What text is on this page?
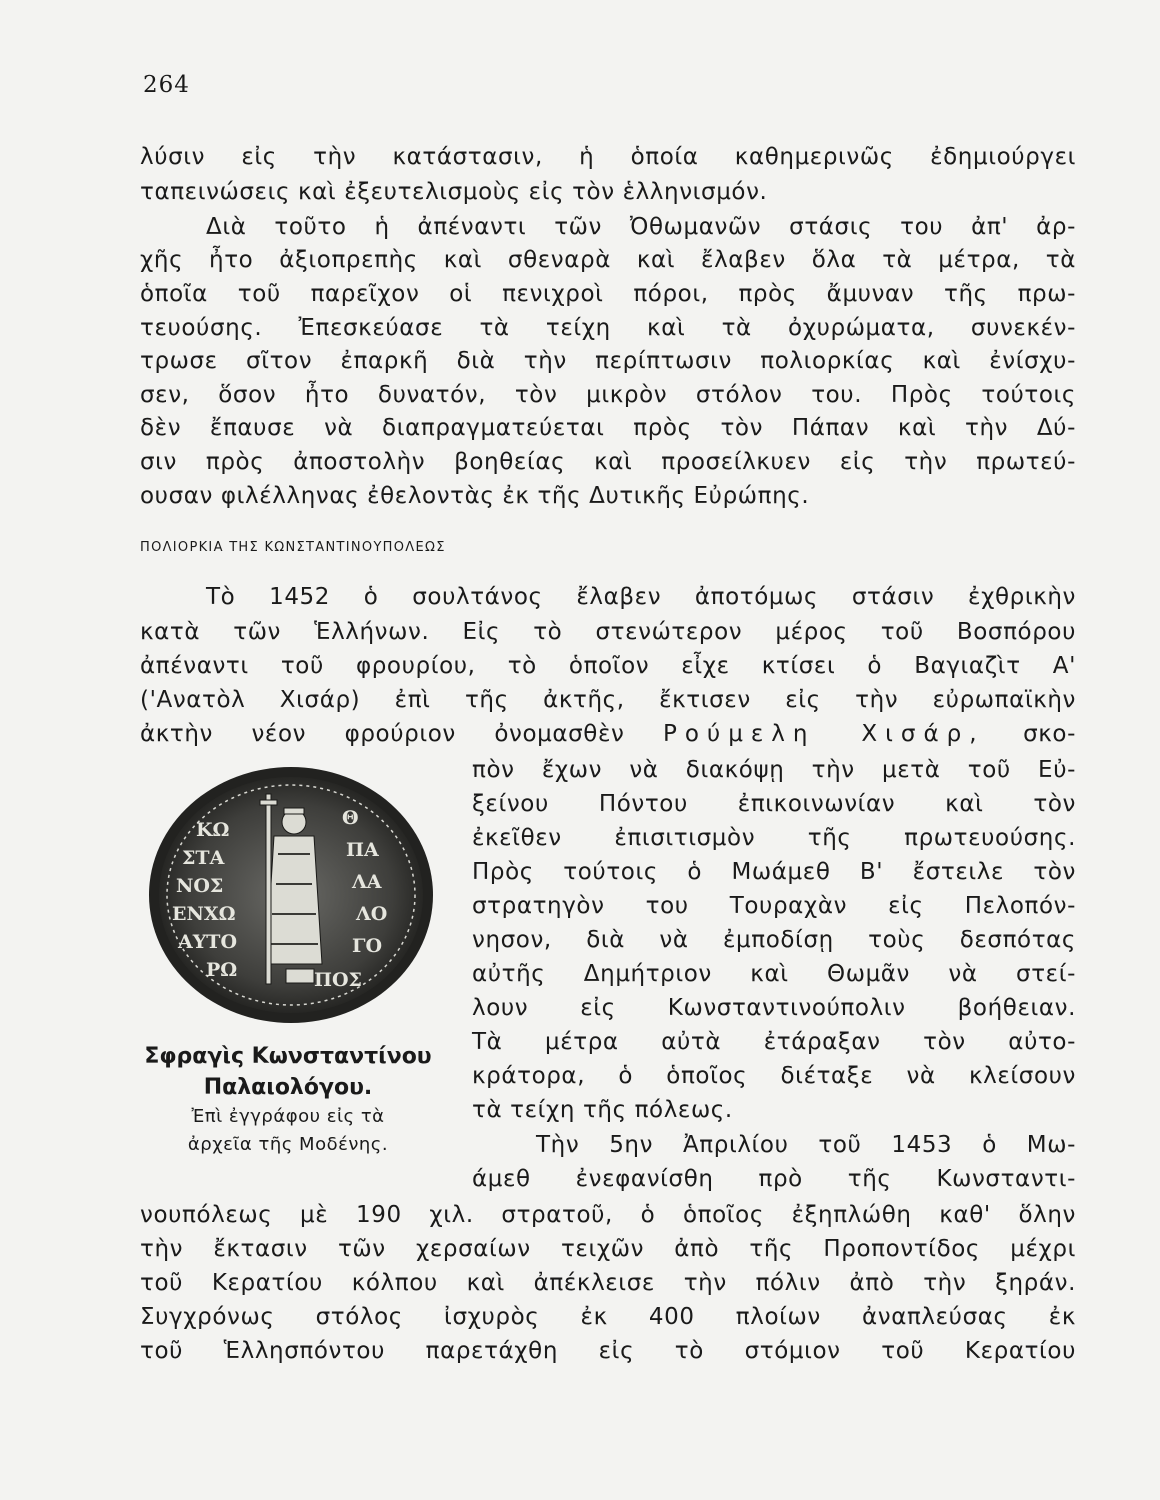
264
λύσιν εἰς τὴν κατάστασιν, ἡ ὁποία καθημερινῶς ἐδημιούργει
ταπεινώσεις καὶ ἐξευτελισμοὺς εἰς τὸν ἑλληνισμόν.
Διὰ τοῦτο ἡ ἀπέναντι τῶν Ὀθωμανῶν στάσις του ἀπ' ἀρ-
χῆς ἦτο ἀξιοπρεπὴς καὶ σθεναρὰ καὶ ἔλαβεν ὅλα τὰ μέτρα, τὰ
ὁποῖα τοῦ παρεῖχον οἱ πενιχροὶ πόροι, πρὸς ἄμυναν τῆς πρω-
τευούσης. Ἐπεσκεύασε τὰ τείχη καὶ τὰ ὀχυρώματα, συνεκέν-
τρωσε σῖτον ἐπαρκῆ διὰ τὴν περίπτωσιν πολιορκίας καὶ ἐνίσχυ-
σεν, ὅσον ἦτο δυνατόν, τὸν μικρὸν στόλον του. Πρὸς τούτοις
δὲν ἔπαυσε νὰ διαπραγματεύεται πρὸς τὸν Πάπαν καὶ τὴν Δύ-
σιν πρὸς ἀποστολὴν βοηθείας καὶ προσείλκυεν εἰς τὴν πρωτεύ-
ουσαν φιλέλληνας ἐθελοντὰς ἐκ τῆς Δυτικῆς Εὐρώπης.
ΠΟΛΙΟΡΚΙΑ ΤΗΣ ΚΩΝΣΤΑΝΤΙΝΟΥΠΟΛΕΩΣ
Τὸ 1452 ὁ σουλτάνος ἔλαβεν ἀποτόμως στάσιν ἐχθρικὴν
κατὰ τῶν Ἑλλήνων. Εἰς τὸ στενώτερον μέρος τοῦ Βοσπόρου
ἀπέναντι τοῦ φρουρίου, τὸ ὁποῖον εἶχε κτίσει ὁ Βαγιαζὶτ Α'
('Ανατὸλ Χισάρ) ἐπὶ τῆς ἀκτῆς, ἔκτισεν εἰς τὴν εὐρωπαϊκὴν
ἀκτὴν νέον φρούριον ὀνομασθὲν Ρούμελη Χισάρ, σκο-
πὸν ἔχων νὰ διακόψῃ τὴν μετὰ τοῦ Εὐ-
ξείνου Πόντου ἐπικοινωνίαν καὶ τὸν
ἐκεῖθεν ἐπισιτισμὸν τῆς πρωτευούσης.
Πρὸς τούτοις ὁ Μωάμεθ Β' ἔστειλε τὸν
στρατηγὸν του Τουραχὰν εἰς Πελοπόν-
νησον, διὰ νὰ ἐμποδίσῃ τοὺς δεσπότας
αὐτῆς Δημήτριον καὶ Θωμᾶν νὰ στεί-
λουν εἰς Κωνσταντινούπολιν βοήθειαν.
Τὰ μέτρα αὐτὰ ἐτάραξαν τὸν αὐτο-
κράτορα, ὁ ὁποῖος διέταξε νὰ κλείσουν
τὰ τείχη τῆς πόλεως.
Τὴν 5ην Ἀπριλίου τοῦ 1453 ὁ Μω-
άμεθ ἐνεφανίσθη πρὸ τῆς Κωνσταντι-
νουπόλεως μὲ 190 χιλ. στρατοῦ, ὁ ὁποῖος ἐξηπλώθη καθ' ὅλην
τὴν ἔκτασιν τῶν χερσαίων τειχῶν ἀπὸ τῆς Προποντίδος μέχρι
τοῦ Κερατίου κόλπου καὶ ἀπέκλεισε τὴν πόλιν ἀπὸ τὴν ξηράν.
Συγχρόνως στόλος ἰσχυρὸς ἐκ 400 πλοίων ἀναπλεύσας ἐκ
τοῦ Ἑλλησπόντου παρετάχθη εἰς τὸ στόμιον τοῦ Κερατίου
ΚΩ
ΣΤΑ
ΝΟΣ
ΕΝΧΩ
ΑΥΤΟ
ΡΩ
Θ
ΠΑ
ΛΑ
ΛΟ
ΓΟ
ΠΟΣ
Σφραγὶς Κωνσταντίνου
Παλαιολόγου.
Ἐπὶ ἐγγράφου εἰς τὰ
ἀρχεῖα τῆς Μοδένης.
